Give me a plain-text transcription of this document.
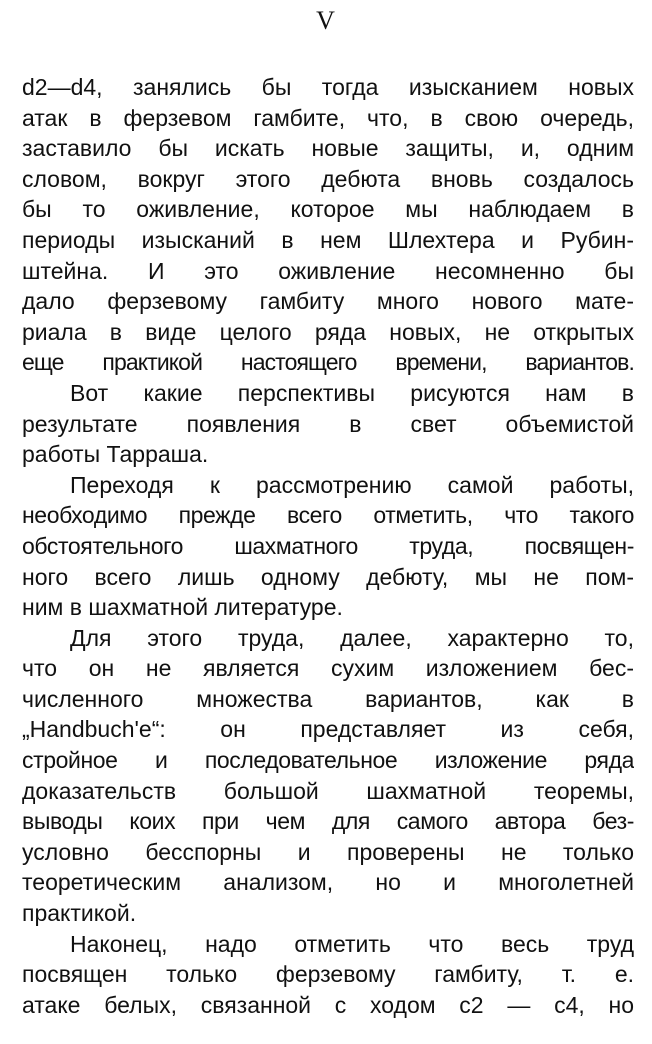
V
d2—d4, занялись бы тогда изысканием новых
атак в ферзевом гамбите, что, в свою очередь,
заставило бы искать новые защиты, и, одним
словом, вокруг этого дебюта вновь создалось
бы то оживление, которое мы наблюдаем в
периоды изысканий в нем Шлехтера и Рубин-
штейна. И это оживление несомненно бы
дало ферзевому гамбиту много нового мате-
риала в виде целого ряда новых, не открытых
еще практикой настоящего времени, вариантов.
Вот какие перспективы рисуются нам в
результате появления в свет объемистой
работы Тарраша.
Переходя к рассмотрению самой работы,
необходимо прежде всего отметить, что такого
обстоятельного шахматного труда, посвящен-
ного всего лишь одному дебюту, мы не пом-
ним в шахматной литературе.
Для этого труда, далее, характерно то,
что он не является сухим изложением бес-
численного множества вариантов, как в
„Handbuch'e“: он представляет из себя,
стройное и последовательное изложение ряда
доказательств большой шахматной теоремы,
выводы коих при чем для самого автора без-
условно бесспорны и проверены не только
теоретическим анализом, но и многолетней
практикой.
Наконец, надо отметить что весь труд
посвящен только ферзевому гамбиту, т. е.
атаке белых, связанной с ходом c2 — c4, но
